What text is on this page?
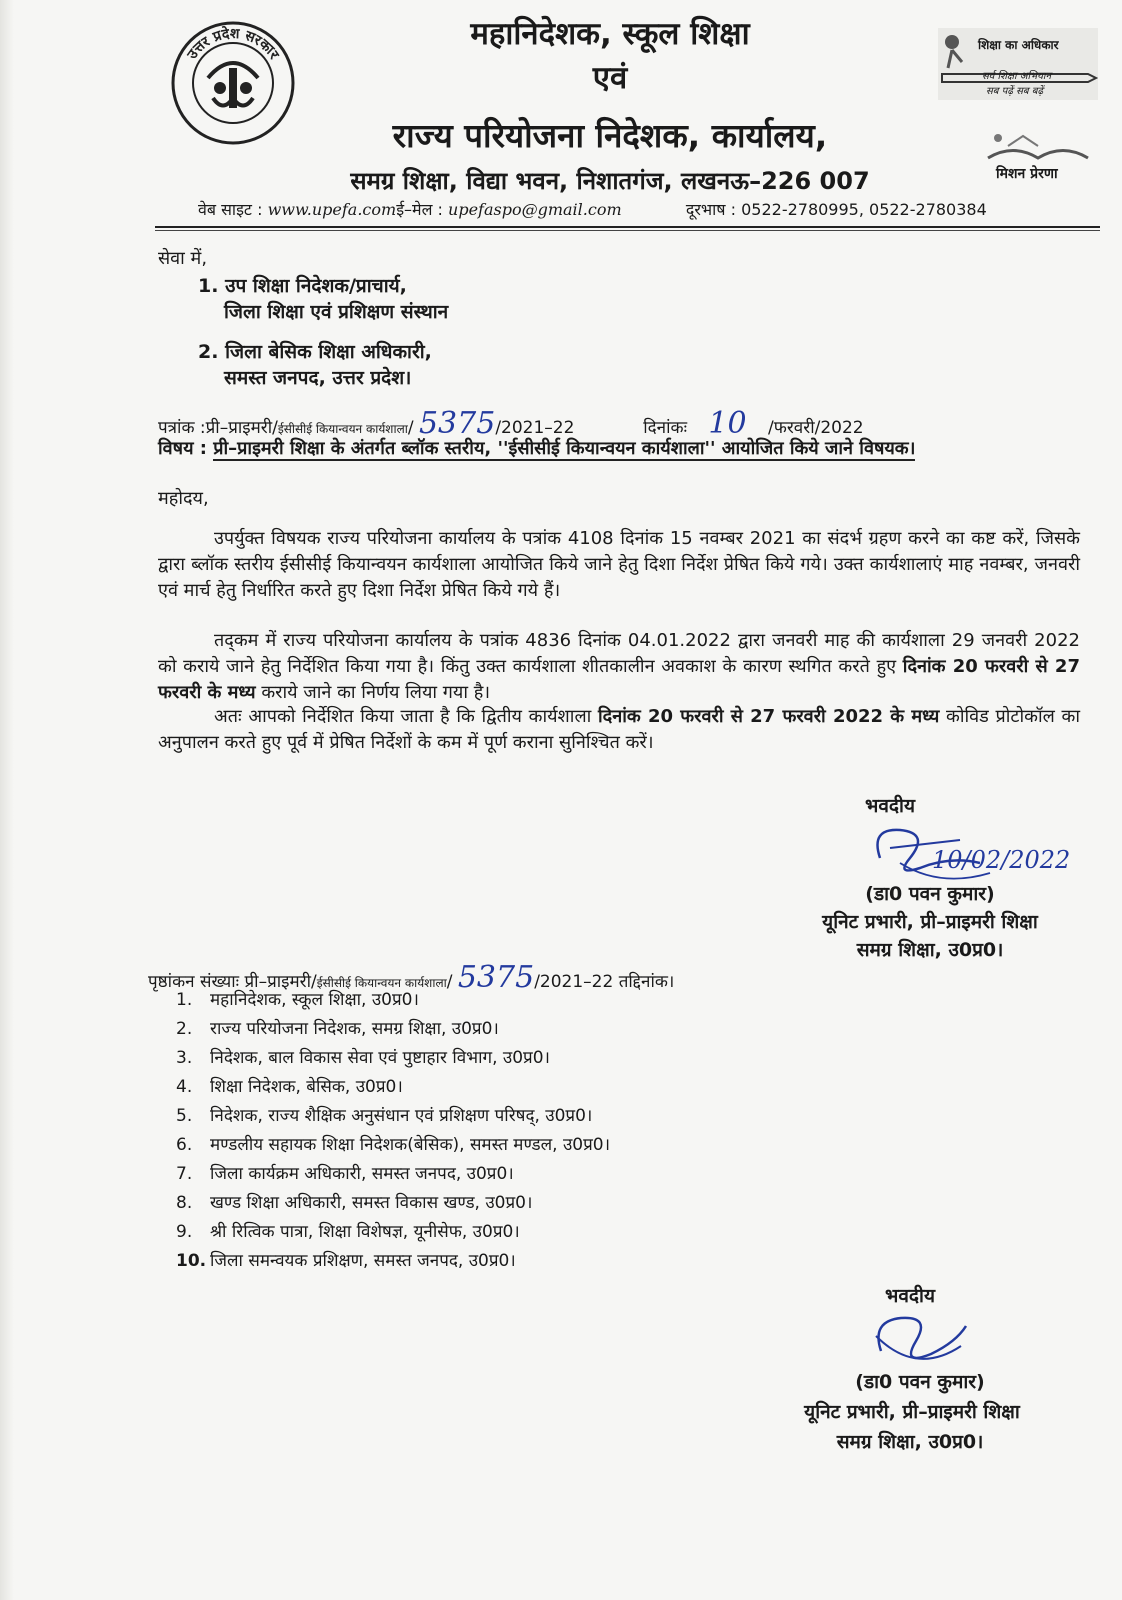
उत्तर प्रदेश सरकार
शिक्षा का अधिकार
सर्व शिक्षा अभियान
सब पढ़ें सब बढ़ें
मिशन प्रेरणा
महानिदेशक, स्कूल शिक्षा
एवं
राज्य परियोजना निदेशक, कार्यालय,
समग्र शिक्षा, विद्या भवन, निशातगंज, लखनऊ–226 007
वेब साइट : www.upefa.comई–मेल : upefaspo@gmail.com	दूरभाष : 0522-2780995, 0522-2780384
सेवा में,
1. उप शिक्षा निदेशक/प्राचार्य,
जिला शिक्षा एवं प्रशिक्षण संस्थान
2. जिला बेसिक शिक्षा अधिकारी,
समस्त जनपद, उत्तर प्रदेश।
पत्रांक :प्री–प्राइमरी/ईसीसीई कियान्वयन कार्यशाला/ 5375/2021–22	दिनांकः 10 /फरवरी/2022
विषय : प्री–प्राइमरी शिक्षा के अंतर्गत ब्लॉक स्तरीय, ''ईसीसीई कियान्वयन कार्यशाला'' आयोजित किये जाने विषयक।
महोदय,
उपर्युक्त विषयक राज्य परियोजना कार्यालय के पत्रांक 4108 दिनांक 15 नवम्बर 2021 का संदर्भ ग्रहण करने का कष्ट करें, जिसके द्वारा ब्लॉक स्तरीय ईसीसीई कियान्वयन कार्यशाला आयोजित किये जाने हेतु दिशा निर्देश प्रेषित किये गये। उक्त कार्यशालाएं माह नवम्बर, जनवरी एवं मार्च हेतु निर्धारित करते हुए दिशा निर्देश प्रेषित किये गये हैं।
तद्कम में राज्य परियोजना कार्यालय के पत्रांक 4836 दिनांक 04.01.2022 द्वारा जनवरी माह की कार्यशाला 29 जनवरी 2022 को कराये जाने हेतु निर्देशित किया गया है। किंतु उक्त कार्यशाला शीतकालीन अवकाश के कारण स्थगित करते हुए दिनांक 20 फरवरी से 27 फरवरी के मध्य कराये जाने का निर्णय लिया गया है।
अतः आपको निर्देशित किया जाता है कि द्वितीय कार्यशाला दिनांक 20 फरवरी से 27 फरवरी 2022 के मध्य कोविड प्रोटोकॉल का अनुपालन करते हुए पूर्व में प्रेषित निर्देशों के कम में पूर्ण कराना सुनिश्चित करें।
भवदीय
10/02/2022
(डा0 पवन कुमार)
यूनिट प्रभारी, प्री–प्राइमरी शिक्षा
समग्र शिक्षा, उ0प्र0।
पृष्ठांकन संख्याः प्री–प्राइमरी/ईसीसीई कियान्वयन कार्यशाला/ 5375/2021–22 तद्दिनांक।
1. महानिदेशक, स्कूल शिक्षा, उ0प्र0।
2. राज्य परियोजना निदेशक, समग्र शिक्षा, उ0प्र0।
3. निदेशक, बाल विकास सेवा एवं पुष्टाहार विभाग, उ0प्र0।
4. शिक्षा निदेशक, बेसिक, उ0प्र0।
5. निदेशक, राज्य शैक्षिक अनुसंधान एवं प्रशिक्षण परिषद्, उ0प्र0।
6. मण्डलीय सहायक शिक्षा निदेशक(बेसिक), समस्त मण्डल, उ0प्र0।
7. जिला कार्यक्रम अधिकारी, समस्त जनपद, उ0प्र0।
8. खण्ड शिक्षा अधिकारी, समस्त विकास खण्ड, उ0प्र0।
9. श्री रित्विक पात्रा, शिक्षा विशेषज्ञ, यूनीसेफ, उ0प्र0।
10. जिला समन्वयक प्रशिक्षण, समस्त जनपद, उ0प्र0।
भवदीय
(डा0 पवन कुमार)
यूनिट प्रभारी, प्री–प्राइमरी शिक्षा
समग्र शिक्षा, उ0प्र0।
